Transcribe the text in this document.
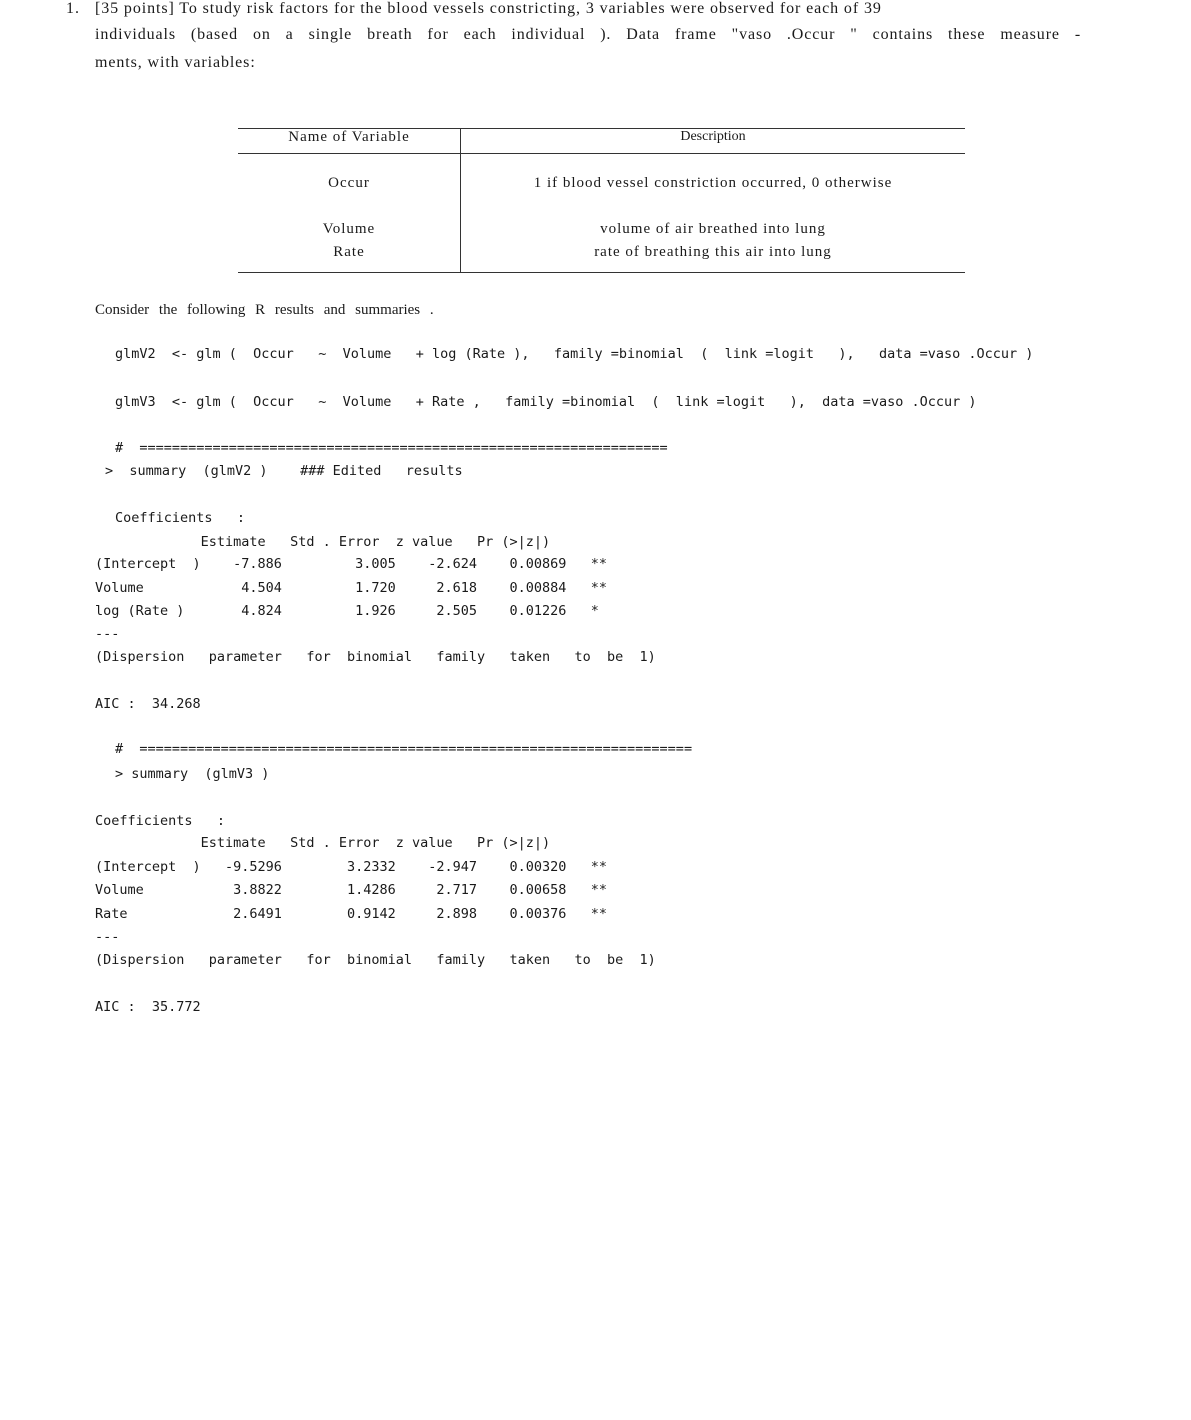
1. [35 points] To study risk factors for the blood vessels constricting, 3 variables were observed for each of 39
individuals (based on a single breath for each individual ). Data frame "vaso .Occur " contains these measure -
ments, with variables:
Name of Variable	Description
Occur	1 if blood vessel constriction occurred, 0 otherwise
Volume	volume of air breathed into lung
Rate	rate of breathing this air into lung
Consider the following R results and summaries .
glmV2  <- glm (  Occur   ~  Volume   + log (Rate ),   family =binomial  (  link =logit   ),   data =vaso .Occur )
glmV3  <- glm (  Occur   ~  Volume   + Rate ,   family =binomial  (  link =logit   ),  data =vaso .Occur )
#  =================================================================
>  summary  (glmV2 )    ### Edited   results
Coefficients   :
Estimate   Std . Error  z value   Pr (>|z|)
(Intercept  )    -7.886         3.005    -2.624    0.00869   **
Volume            4.504         1.720     2.618    0.00884   **
log (Rate )       4.824         1.926     2.505    0.01226   *
---
(Dispersion   parameter   for  binomial   family   taken   to  be  1)
AIC :  34.268
#  ====================================================================
> summary  (glmV3 )
Coefficients   :
Estimate   Std . Error  z value   Pr (>|z|)
(Intercept  )   -9.5296        3.2332    -2.947    0.00320   **
Volume           3.8822        1.4286     2.717    0.00658   **
Rate             2.6491        0.9142     2.898    0.00376   **
---
(Dispersion   parameter   for  binomial   family   taken   to  be  1)
AIC :  35.772
